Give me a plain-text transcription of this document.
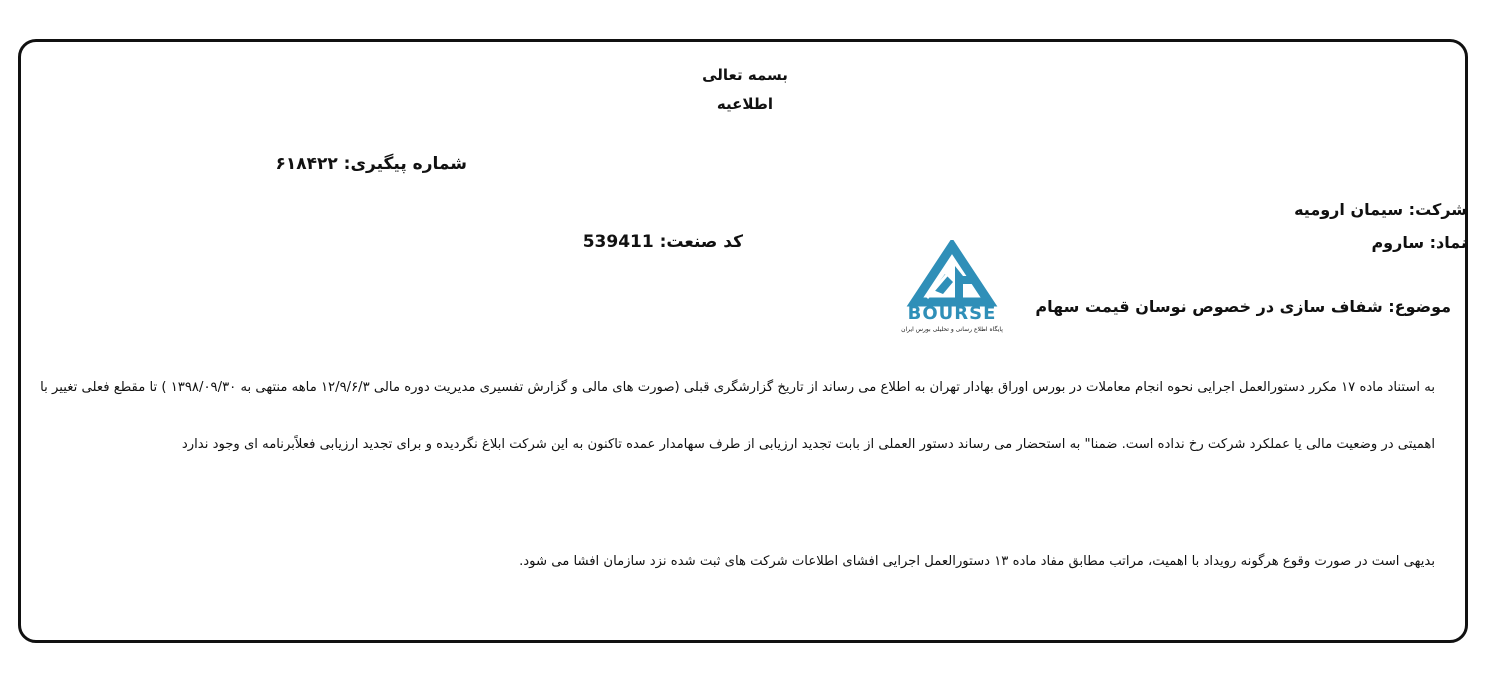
بسمه تعالی
اطلاعیه
شماره پیگیری: ۶۱۸۴۲۲
شرکت: سیمان ارومیه
نماد: ساروم
کد صنعت: 539411
موضوع: شفاف سازی در خصوص نوسان قیمت سهام
BOURSE
پایگاه اطلاع رسانی و تحلیلی بورس ایران
به استناد ماده ۱۷ مکرر دستورالعمل اجرایی نحوه انجام معاملات در بورس اوراق بهادار تهران به اطلاع می رساند از تاریخ گزارشگری قبلی (صورت های مالی و گزارش تفسیری مدیریت دوره مالی ۱۲/۹/۶/۳ ماهه منتهی به ۱۳۹۸/۰۹/۳۰ ) تا مقطع فعلی تغییر با
اهمیتی در وضعیت مالی یا عملکرد شرکت رخ نداده است. ضمنا" به استحضار می رساند دستور العملی از بابت تجدید ارزیابی از طرف سهامدار عمده تاکنون به این شرکت ابلاغ نگردیده و برای تجدید ارزیابی فعلاًبرنامه ای وجود ندارد
بدیهی است در صورت وقوع هرگونه رویداد با اهمیت، مراتب مطابق مفاد ماده ۱۳ دستورالعمل اجرایی افشای اطلاعات شرکت های ثبت شده نزد سازمان افشا می شود.
